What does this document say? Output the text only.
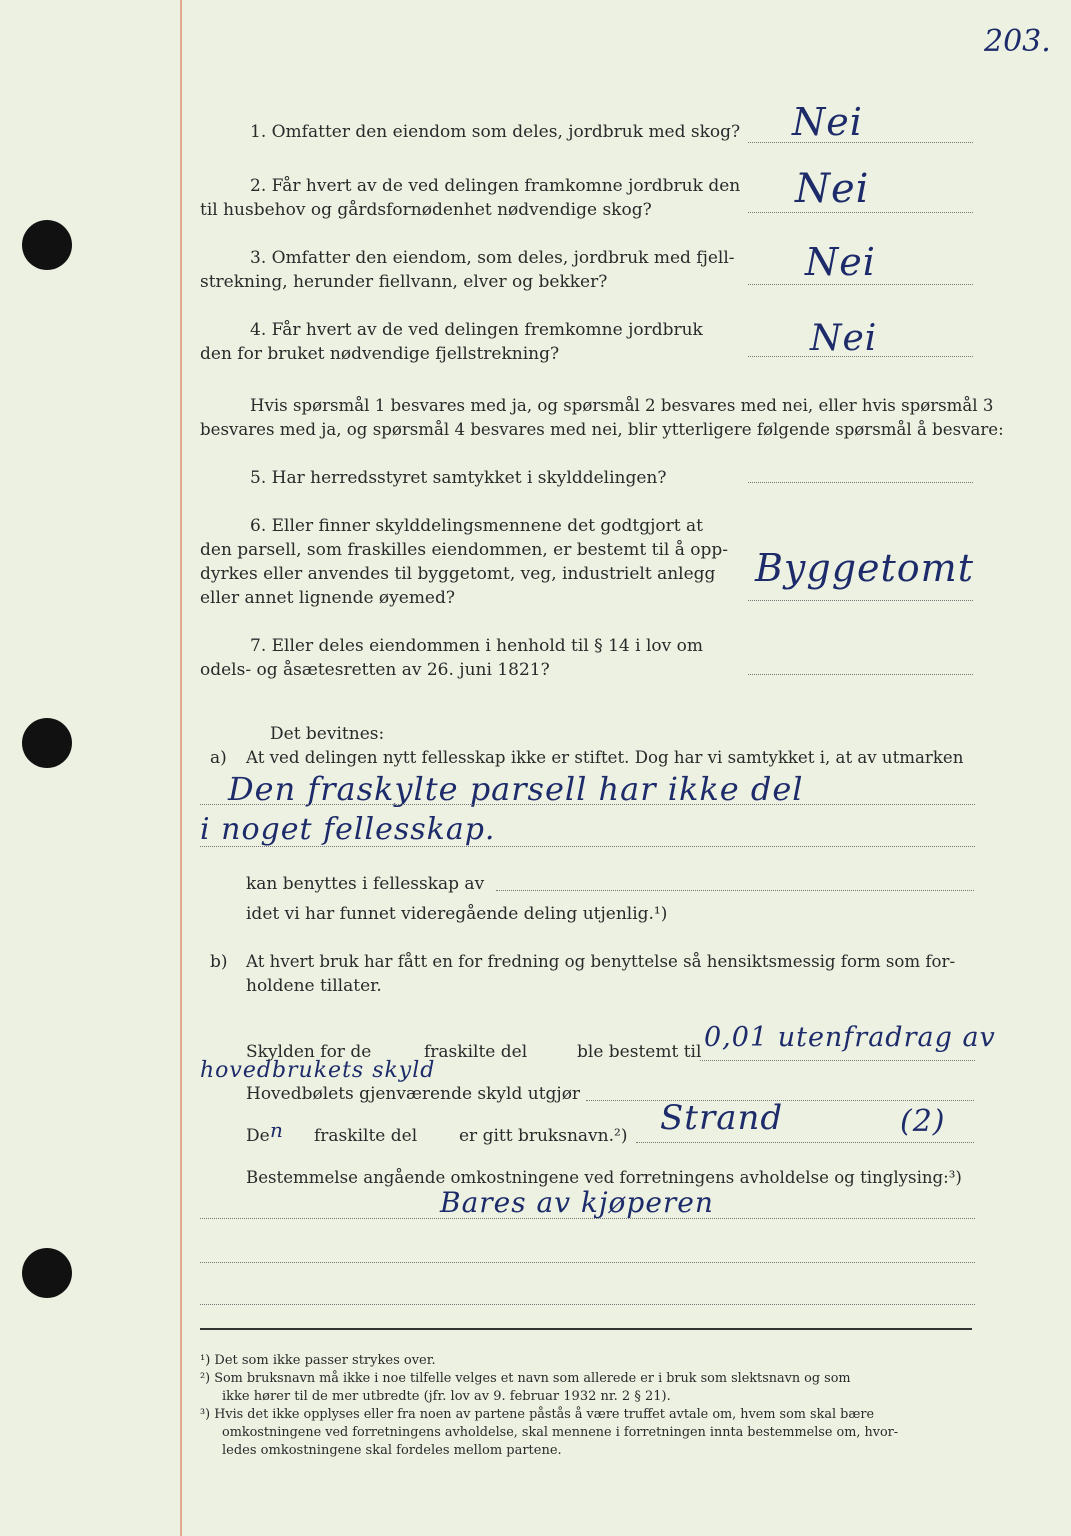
203.
1. Omfatter den eiendom som deles, jordbruk med skog? Nei
2. Får hvert av de ved delingen framkomne jordbruk den
til husbehov og gårdsfornødenhet nødvendige skog?	Nei
3. Omfatter den eiendom, som deles, jordbruk med fjell-
strekning, herunder fiellvann, elver og bekker?	Nei
4. Får hvert av de ved delingen fremkomne jordbruk
den for bruket nødvendige fjellstrekning?	Nei
Hvis spørsmål 1 besvares med ja, og spørsmål 2 besvares med nei, eller hvis spørsmål 3
besvares med ja, og spørsmål 4 besvares med nei, blir ytterligere følgende spørsmål å besvare:
5. Har herredsstyret samtykket i skylddelingen?
6. Eller finner skylddelingsmennene det godtgjort at
den parsell, som fraskilles eiendommen, er bestemt til å opp-
dyrkes eller anvendes til byggetomt, veg, industrielt anlegg
eller annet lignende øyemed?
Byggetomt
7. Eller deles eiendommen i henhold til § 14 i lov om
odels- og åsætesretten av 26. juni 1821?
Det bevitnes:
a) At ved delingen nytt fellesskap ikke er stiftet. Dog har vi samtykket i, at av utmarken
Den fraskylte parsell har ikke del
i noget fellesskap.
kan benyttes i fellesskap av
idet vi har funnet videregående deling utjenlig.¹)
b) At hvert bruk har fått en for fredning og benyttelse så hensiktsmessig form som for-
holdene tillater.
Skylden for de	fraskilte del	ble bestemt til 0,01 utenfradrag av
hovedbrukets skyld
Hovedbølets gjenværende skyld utgjør
De n fraskilte del er gitt bruksnavn.²) Strand	(2)
Bestemmelse angående omkostningene ved forretningens avholdelse og tinglysing:³)
Bares av kjøperen
¹) Det som ikke passer strykes over.
²) Som bruksnavn må ikke i noe tilfelle velges et navn som allerede er i bruk som slektsnavn og som
ikke hører til de mer utbredte (jfr. lov av 9. februar 1932 nr. 2 § 21).
³) Hvis det ikke opplyses eller fra noen av partene påstås å være truffet avtale om, hvem som skal bære
omkostningene ved forretningens avholdelse, skal mennene i forretningen innta bestemmelse om, hvor-
ledes omkostningene skal fordeles mellom partene.
